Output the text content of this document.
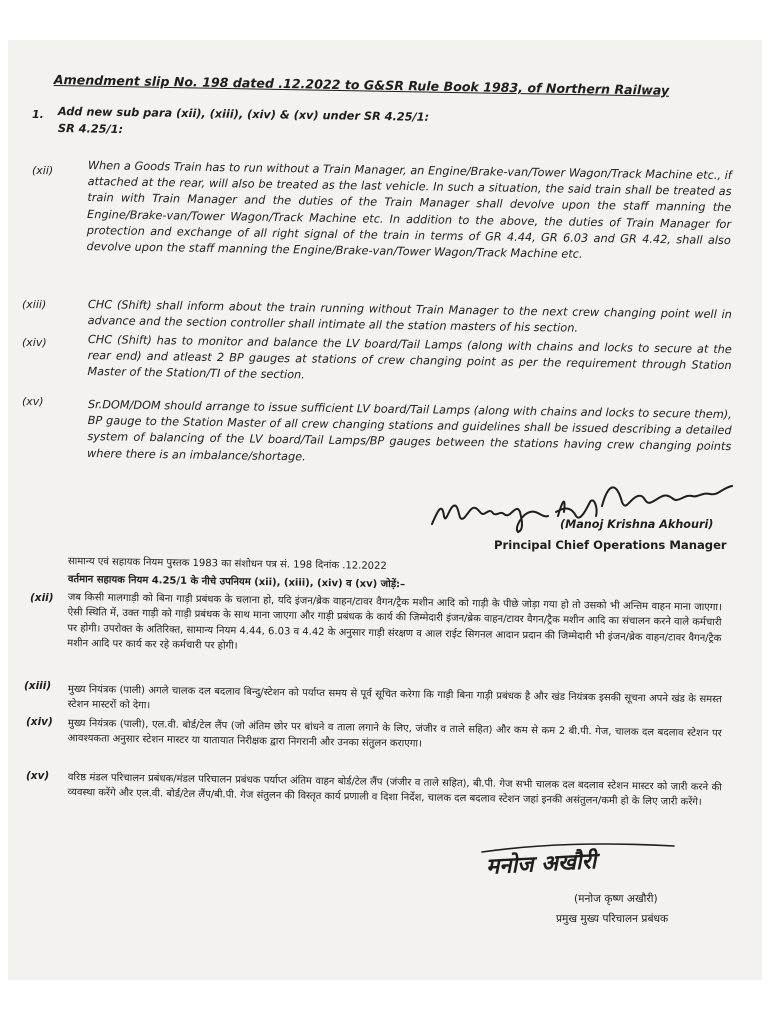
Amendment slip No. 198 dated .12.2022 to G&SR Rule Book 1983, of Northern Railway
1. Add new sub para (xii), (xiii), (xiv) & (xv) under SR 4.25/1:
SR 4.25/1:
(xii)	When a Goods Train has to run without a Train Manager, an Engine/Brake-van/Tower Wagon/Track Machine etc., if attached at the rear, will also be treated as the last vehicle. In such a situation, the said train shall be treated as train with Train Manager and the duties of the Train Manager shall devolve upon the staff manning the Engine/Brake-van/Tower Wagon/Track Machine etc. In addition to the above, the duties of Train Manager for protection and exchange of all right signal of the train in terms of GR 4.44, GR 6.03 and GR 4.42, shall also devolve upon the staff manning the Engine/Brake-van/Tower Wagon/Track Machine etc.
(xiii)	CHC (Shift) shall inform about the train running without Train Manager to the next crew changing point well in advance and the section controller shall intimate all the station masters of his section.
(xiv)	CHC (Shift) has to monitor and balance the LV board/Tail Lamps (along with chains and locks to secure at the rear end) and atleast 2 BP gauges at stations of crew changing point as per the requirement through Station Master of the Station/TI of the section.
(xv)	Sr.DOM/DOM should arrange to issue sufficient LV board/Tail Lamps (along with chains and locks to secure them), BP gauge to the Station Master of all crew changing stations and guidelines shall be issued describing a detailed system of balancing of the LV board/Tail Lamps/BP gauges between the stations having crew changing points where there is an imbalance/shortage.
(Manoj Krishna Akhouri)
Principal Chief Operations Manager
सामान्य एवं सहायक नियम पुस्तक 1983 का संशोधन पत्र सं. 198 दिनांक .12.2022
वर्तमान सहायक नियम 4.25/1 के नीचे उपनियम (xii), (xiii), (xiv) व (xv) जोड़ें:–
(xii) जब किसी मालगाड़ी को बिना गाड़ी प्रबंधक के चलाना हो, यदि इंजन/ब्रेक वाहन/टावर वैगन/ट्रैक मशीन आदि को गाड़ी के पीछे जोड़ा गया हो तो उसको भी अन्तिम वाहन माना जाएगा। ऐसी स्थिति में, उक्त गाड़ी को गाड़ी प्रबंधक के साथ माना जाएगा और गाड़ी प्रबंधक के कार्य की जिम्मेदारी इंजन/ब्रेक वाहन/टावर वैगन/ट्रैक मशीन आदि का संचालन करने वाले कर्मचारी पर होगी। उपरोक्त के अतिरिक्त, सामान्य नियम 4.44, 6.03 व 4.42 के अनुसार गाड़ी संरक्षण व आल राईट सिगनल आदान प्रदान की जिम्मेदारी भी इंजन/ब्रेक वाहन/टावर वैगन/ट्रैक मशीन आदि पर कार्य कर रहे कर्मचारी पर होगी।
(xiii) मुख्य नियंत्रक (पाली) अगले चालक दल बदलाव बिन्दु/स्टेशन को पर्याप्त समय से पूर्व सूचित करेगा कि गाड़ी बिना गाड़ी प्रबंधक है और खंड नियंत्रक इसकी सूचना अपने खंड के समस्त स्टेशन मास्टरों को देगा।
(xiv) मुख्य नियंत्रक (पाली), एल.वी. बोर्ड/टेल लैंप (जो अंतिम छोर पर बांधने व ताला लगाने के लिए, जंजीर व ताले सहित) और कम से कम 2 बी.पी. गेज, चालक दल बदलाव स्टेशन पर आवश्यकता अनुसार स्टेशन मास्टर या यातायात निरीक्षक द्वारा निगरानी और उनका संतुलन कराएगा।
(xv) वरिष्ठ मंडल परिचालन प्रबंधक/मंडल परिचालन प्रबंधक पर्याप्त अंतिम वाहन बोर्ड/टेल लैंप (जंजीर व ताले सहित), बी.पी. गेज सभी चालक दल बदलाव स्टेशन मास्टर को जारी करने की व्यवस्था करेंगे और एल.वी. बोर्ड/टेल लैंप/बी.पी. गेज संतुलन की विस्तृत कार्य प्रणाली व दिशा निर्देश, चालक दल बदलाव स्टेशन जहां इनकी असंतुलन/कमी हो के लिए जारी करेंगे।
मनोज अखौरी
(मनोज कृष्ण अखौरी)
प्रमुख मुख्य परिचालन प्रबंधक
